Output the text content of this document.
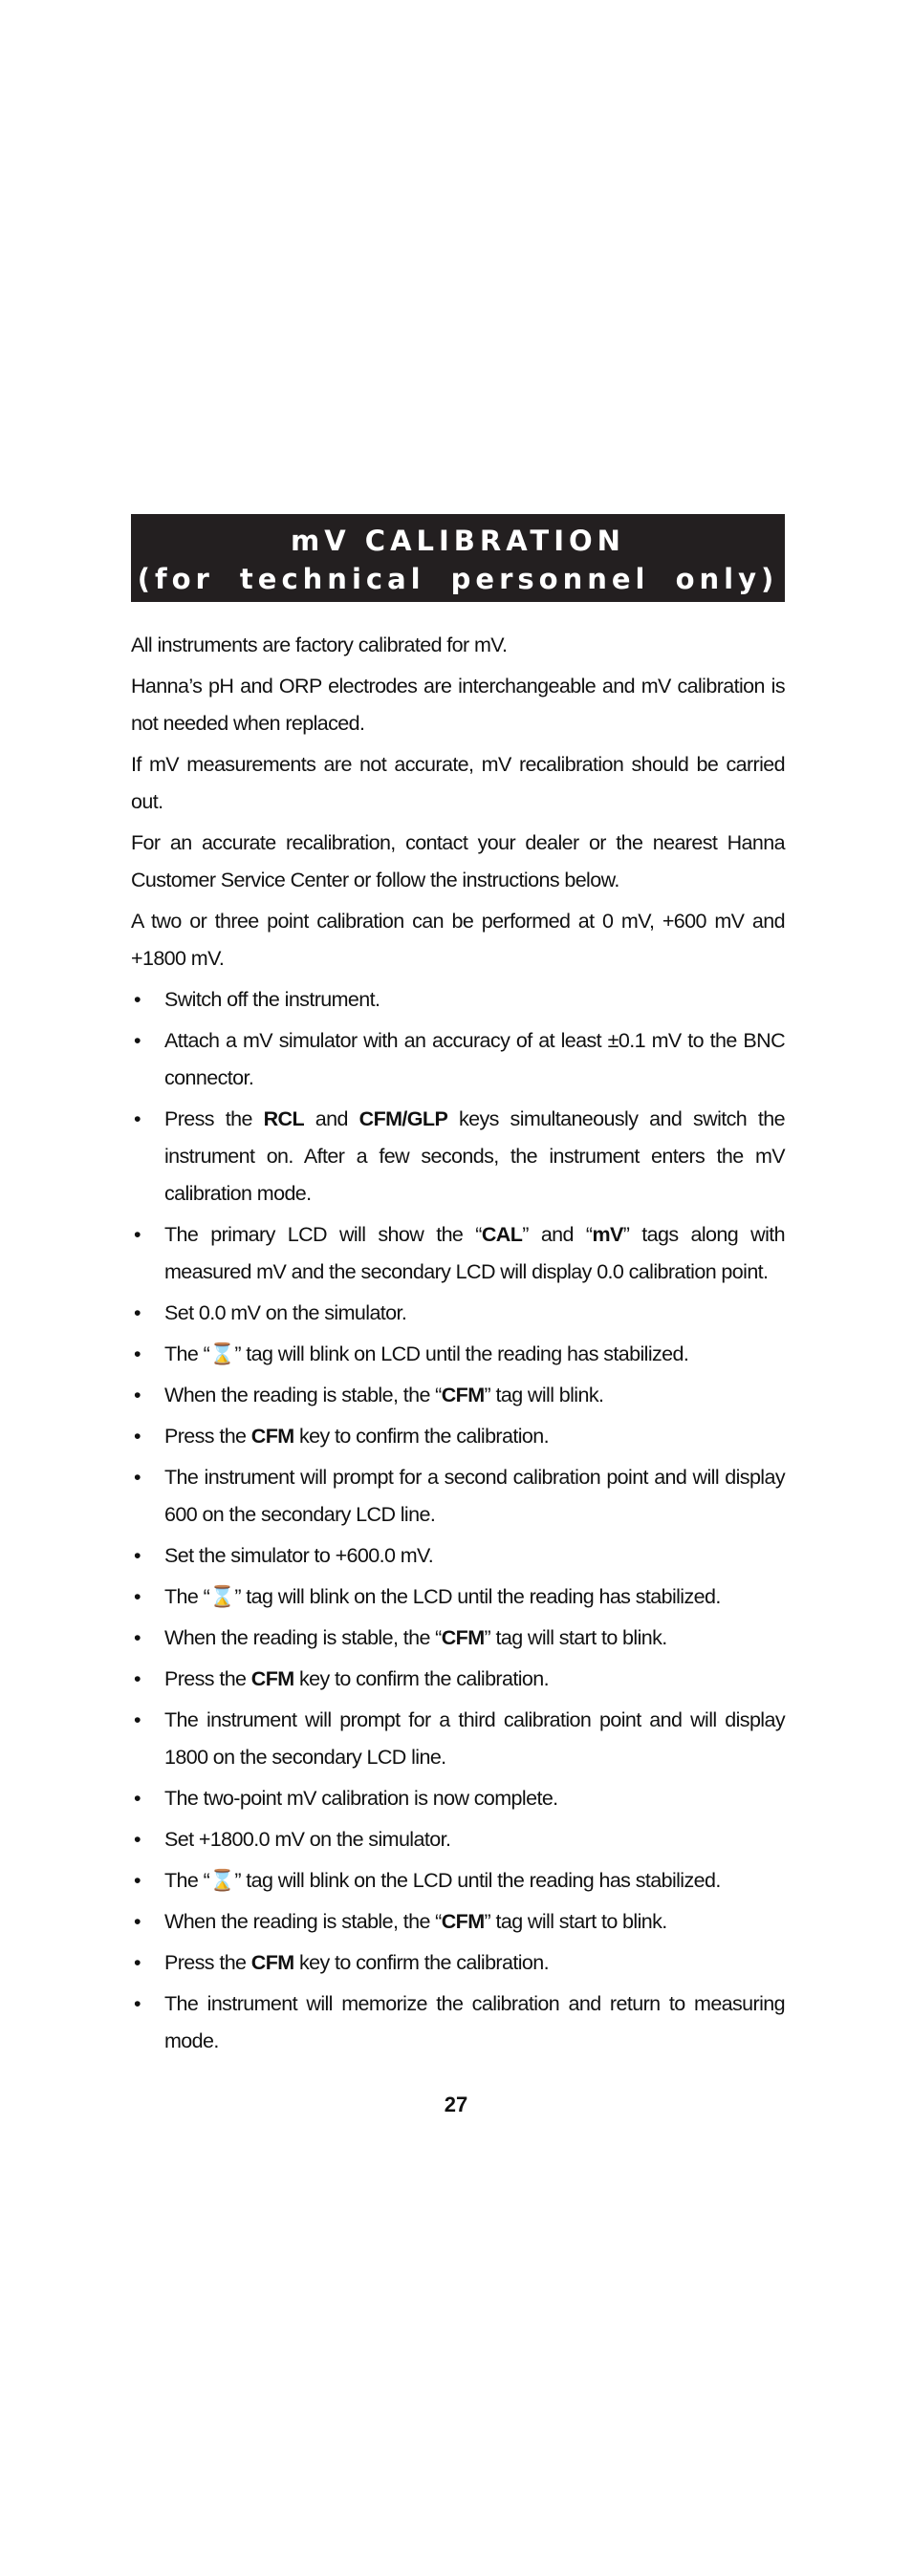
mV CALIBRATION
(for technical personnel only)

All instruments are factory calibrated for mV.

Hanna’s pH and ORP electrodes are interchangeable and mV calibration is not needed when replaced.

If mV measurements are not accurate, mV recalibration should be carried out.

For an accurate recalibration, contact your dealer or the nearest Hanna Customer Service Center or follow the instructions below.

A two or three point calibration can be performed at 0 mV, +600 mV and +1800 mV.

• Switch off the instrument.
• Attach a mV simulator with an accuracy of at least ±0.1 mV to the BNC connector.
• Press the RCL and CFM/GLP keys simultaneously and switch the instrument on. After a few seconds, the instrument enters the mV calibration mode.
• The primary LCD will show the “CAL” and “mV” tags along with measured mV and the secondary LCD will display 0.0 calibration point.
• Set 0.0 mV on the simulator.
• The “⌛” tag will blink on LCD until the reading has stabilized.
• When the reading is stable, the “CFM” tag will blink.
• Press the CFM key to confirm the calibration.
• The instrument will prompt for a second calibration point and will display 600 on the secondary LCD line.
• Set the simulator to +600.0 mV.
• The “⌛” tag will blink on the LCD until the reading has stabilized.
• When the reading is stable, the “CFM” tag will start to blink.
• Press the CFM key to confirm the calibration.
• The instrument will prompt for a third calibration point and will display 1800 on the secondary LCD line.
• The two-point mV calibration is now complete.
• Set +1800.0 mV on the simulator.
• The “⌛” tag will blink on the LCD until the reading has stabilized.
• When the reading is stable, the “CFM” tag will start to blink.
• Press the CFM key to confirm the calibration.
• The instrument will memorize the calibration and return to measuring mode.
27
